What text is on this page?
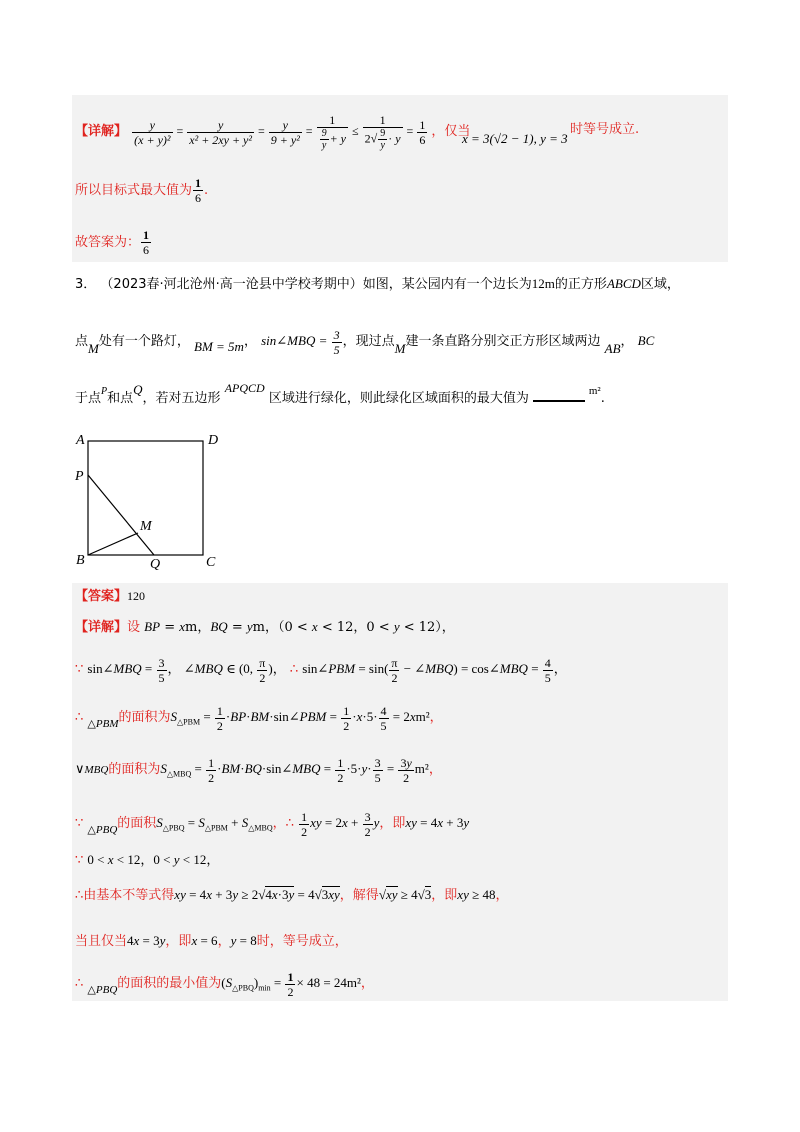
【详解】 $\frac{y}{\text{(x + y)²}} = \frac{y}{\text{x² + 2xy + y²}} = \frac{y}{\text{9 + y²}} = \frac{1}{\frac{9}{y} + y} \le \frac{1}{2√ \frac{9}{y} \cdot y} = \frac{1}{6}$ ，仅当
x = 3(√2 − 1), y = 3
时等号成立.
所以目标式最大值为 $\frac{1}{6}$ .
故答案为： $\frac{1}{6}$
3． （2023春·河北沧州·高一沧县中学校考期中）如图，某公园内有一个边长为12m的正方形ABCD区域，
点M处有一个路灯， BM = 5m， sin∠MBQ = $\frac{3}{5}$ ，现过点M建一条直路分别交正方形区域两边 AB， BC
于点$^P$和点Q，若对五边形 APQCD 区域进行绿化，则此绿化区域面积的最大值为	$^{m^2}$.
A	D
P
M
B	Q	C
【答案】120
【详解】设 BP = xm，BQ = ym，（0 < x < 12，0 < y < 12），
∵ sin∠MBQ = $\frac{3}{5}$ ， ∠MBQ ∈ (0, $\frac{\pi}{2}$ )， ∴ sin∠PBM = $\sin( \frac{\pi}{2}$ − ∠MBQ) = cos∠MBQ = $\frac{4}{5}$ ，
∴ $_{\triangle PBM}$的面积为$S_{\triangle PBM} = \frac{1}{2}$ ·BP·BM·sin∠PBM = $\frac{1}{2} \cdot x\cdot 5\cdot \frac{4}{5} = 2xm^2$，
∨MBQ的面积为$S_{\triangle MBQ} = \frac{1}{2}$ ·BM·BQ·sin∠MBQ = $\frac{1}{2} \cdot 5\cdot y\cdot \frac{3}{5} = \frac{3y}{2} m^2$，
∵ $_{\triangle PBQ}$的面积$S_{\triangle PBQ} = S_{\triangle PBM} + S_{\triangle MBQ}$，∴ $\frac{1}{2}$ xy = $2x + \frac{3}{2}$ y，即xy = 4x + 3y
∵ 0 < x < 12，0 < y < 12，
∴由基本不等式得xy = 4x + 3y ≥ 2√4x·3y = 4√3xy，解得√xy ≥ 4√3，即xy ≥ 48，
当且仅当4x = 3y，即x = 6，y = 8时，等号成立，
∴ $_{\triangle PBQ}$的面积的最小值为$(S_{\triangle PBQ})_{min} = \frac{1}{2} \times 48 = 24m^2$，
